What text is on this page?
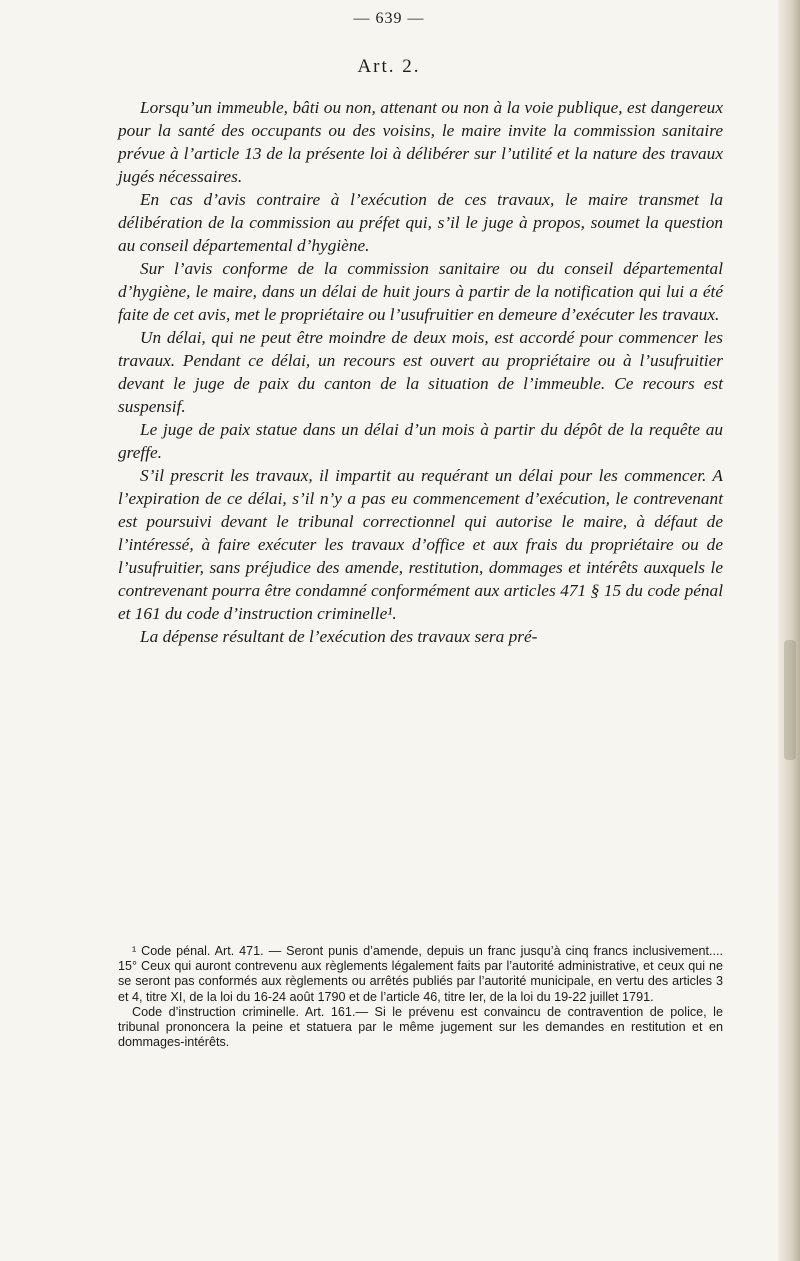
— 639 —
Art. 2.

Lorsqu’un immeuble, bâti ou non, attenant ou non à la voie publique, est dangereux pour la santé des occupants ou des voisins, le maire invite la commission sanitaire prévue à l’article 13 de la présente loi à délibérer sur l’utilité et la nature des travaux jugés nécessaires.

En cas d’avis contraire à l’exécution de ces travaux, le maire transmet la délibération de la commission au préfet qui, s’il le juge à propos, soumet la question au conseil départemental d’hygiène.

Sur l’avis conforme de la commission sanitaire ou du conseil départemental d’hygiène, le maire, dans un délai de huit jours à partir de la notification qui lui a été faite de cet avis, met le propriétaire ou l’usufruitier en demeure d’exécuter les travaux.

Un délai, qui ne peut être moindre de deux mois, est accordé pour commencer les travaux. Pendant ce délai, un recours est ouvert au propriétaire ou à l’usufruitier devant le juge de paix du canton de la situation de l’immeuble. Ce recours est suspensif.

Le juge de paix statue dans un délai d’un mois à partir du dépôt de la requête au greffe.

S’il prescrit les travaux, il impartit au requérant un délai pour les commencer. A l’expiration de ce délai, s’il n’y a pas eu commencement d’exécution, le contrevenant est poursuivi devant le tribunal correctionnel qui autorise le maire, à défaut de l’intéressé, à faire exécuter les travaux d’office et aux frais du propriétaire ou de l’usufruitier, sans préjudice des amende, restitution, dommages et intérêts auxquels le contrevenant pourra être condamné conformément aux articles 471 § 15 du code pénal et 161 du code d’instruction criminelle¹.

La dépense résultant de l’exécution des travaux sera pré-

¹ Code pénal. Art. 471. — Seront punis d’amende, depuis un franc jusqu’à cinq francs inclusivement.... 15° Ceux qui auront contrevenu aux règlements légalement faits par l’autorité administrative, et ceux qui ne se seront pas conformés aux règlements ou arrêtés publiés par l’autorité municipale, en vertu des articles 3 et 4, titre XI, de la loi du 16-24 août 1790 et de l’article 46, titre Ier, de la loi du 19-22 juillet 1791.

Code d’instruction criminelle. Art. 161.— Si le prévenu est convaincu de contravention de police, le tribunal prononcera la peine et statuera par le même jugement sur les demandes en restitution et en dommages-intérêts.
